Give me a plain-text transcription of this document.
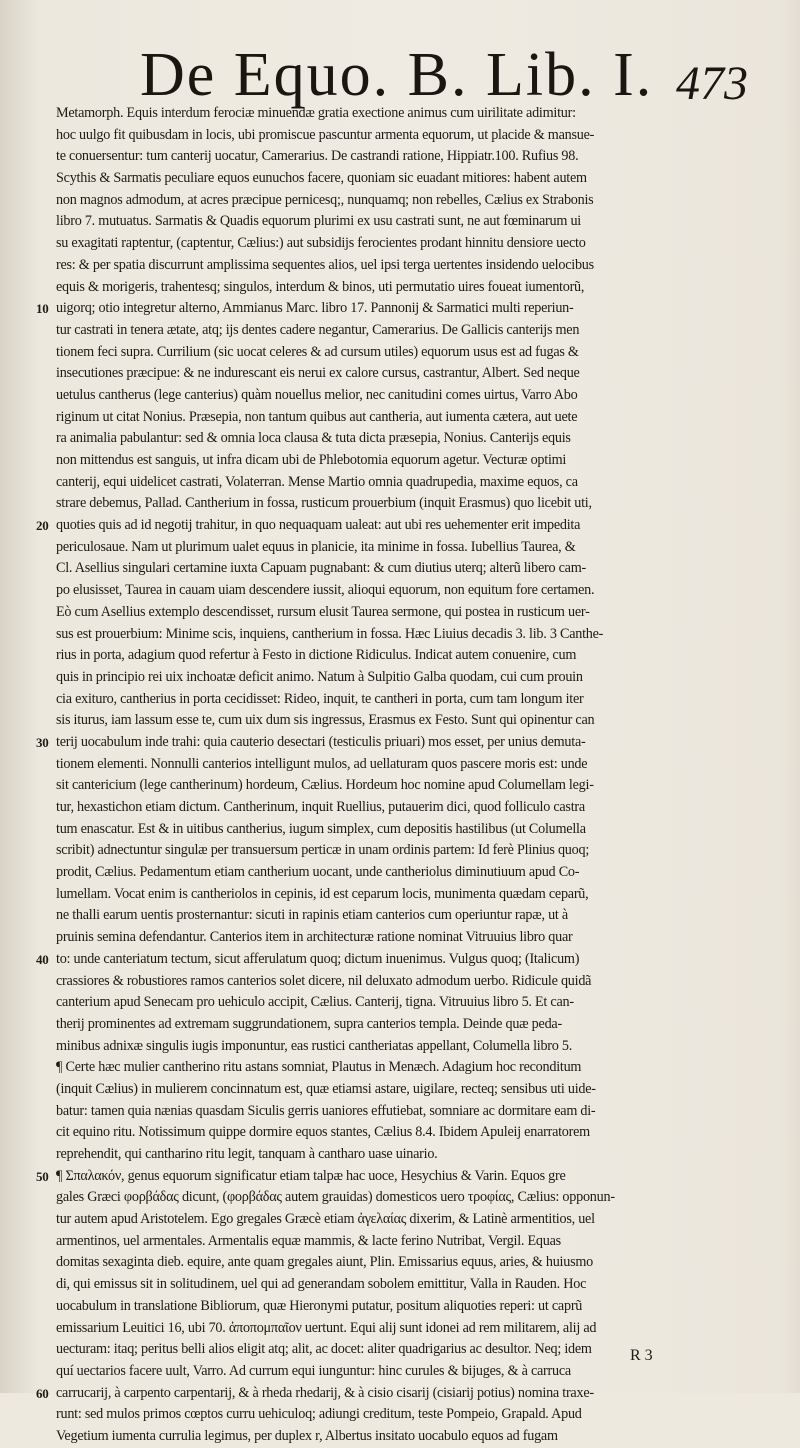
De Equo. B. Lib. I. 473
Metamorph. Equis interdum ferociæ minuendæ gratia exectione animus cum uirilitate adimitur:
hoc uulgo fit quibusdam in locis, ubi promiscue pascuntur armenta equorum, ut placide & mansue-
te conuersentur: tum canterij uocatur, Camerarius. De castrandi ratione, Hippiatr.100. Rufius 98.
Scythis & Sarmatis peculiare equos eunuchos facere, quoniam sic euadant mitiores: habent autem
non magnos admodum, at acres præcipue pernicesq;, nunquamq; non rebelles, Cælius ex Strabonis
libro 7. mutuatus. Sarmatis & Quadis equorum plurimi ex usu castrati sunt, ne aut fœminarum ui
su exagitati raptentur, (captentur, Cælius:) aut subsidijs ferocientes prodant hinnitu densiore uecto
res: & per spatia discurrunt amplissima sequentes alios, uel ipsi terga uertentes insidendo uelocibus
equis & morigeris, trahentesq; singulos, interdum & binos, uti permutatio uires foueat iumentorũ,
10 uigorq; otio integretur alterno, Ammianus Marc. libro 17. Pannonij & Sarmatici multi reperiun-
tur castrati in tenera ætate, atq; ijs dentes cadere negantur, Camerarius. De Gallicis canterijs men
tionem feci supra. Currilium (sic uocat celeres & ad cursum utiles) equorum usus est ad fugas &
insecutiones præcipue: & ne indurescant eis nerui ex calore cursus, castrantur, Albert. Sed neque
uetulus cantherus (lege canterius) quàm nouellus melior, nec canitudini comes uirtus, Varro Abo
riginum ut citat Nonius. Præsepia, non tantum quibus aut cantheria, aut iumenta cætera, aut uete
ra animalia pabulantur: sed & omnia loca clausa & tuta dicta præsepia, Nonius. Canterijs equis
non mittendus est sanguis, ut infra dicam ubi de Phlebotomia equorum agetur. Vecturæ optimi
canterij, equi uidelicet castrati, Volaterran. Mense Martio omnia quadrupedia, maxime equos, ca
strare debemus, Pallad. Cantherium in fossa, rusticum prouerbium (inquit Erasmus) quo licebit uti,
20 quoties quis ad id negotij trahitur, in quo nequaquam ualeat: aut ubi res uehementer erit impedita
periculosaue. Nam ut plurimum ualet equus in planicie, ita minime in fossa. Iubellius Taurea, &
Cl. Asellius singulari certamine iuxta Capuam pugnabant: & cum diutius uterq; alterũ libero cam-
po elusisset, Taurea in cauam uiam descendere iussit, alioqui equorum, non equitum fore certamen.
Eò cum Asellius extemplo descendisset, rursum elusit Taurea sermone, qui postea in rusticum uer-
sus est prouerbium: Minime scis, inquiens, cantherium in fossa. Hæc Liuius decadis 3. lib. 3 Canthe-
rius in porta, adagium quod refertur à Festo in dictione Ridiculus. Indicat autem conuenire, cum
quis in principio rei uix inchoatæ deficit animo. Natum à Sulpitio Galba quodam, cui cum prouin
cia exituro, cantherius in porta cecidisset: Rideo, inquit, te cantheri in porta, cum tam longum iter
sis iturus, iam lassum esse te, cum uix dum sis ingressus, Erasmus ex Festo. Sunt qui opinentur can
30 terij uocabulum inde trahi: quia cauterio desectari (testiculis priuari) mos esset, per unius demuta-
tionem elementi. Nonnulli canterios intelligunt mulos, ad uellaturam quos pascere moris est: unde
sit cantericium (lege cantherinum) hordeum, Cælius. Hordeum hoc nomine apud Columellam legi-
tur, hexastichon etiam dictum. Cantherinum, inquit Ruellius, putauerim dici, quod folliculo castra
tum enascatur. Est & in uitibus cantherius, iugum simplex, cum depositis hastilibus (ut Columella
scribit) adnectuntur singulæ per transuersum perticæ in unam ordinis partem: Id ferè Plinius quoq;
prodit, Cælius. Pedamentum etiam cantherium uocant, unde cantheriolus diminutiuum apud Co-
lumellam. Vocat enim is cantheriolos in cepinis, id est ceparum locis, munimenta quædam ceparũ,
ne thalli earum uentis prosternantur: sicuti in rapinis etiam canterios cum operiuntur rapæ, ut à
pruinis semina defendantur. Canterios item in architecturæ ratione nominat Vitruuius libro quar
40 to: unde canteriatum tectum, sicut afferulatum quoq; dictum inuenimus. Vulgus quoq; (Italicum)
crassiores & robustiores ramos canterios solet dicere, nil deluxato admodum uerbo. Ridicule quidã
canterium apud Senecam pro uehiculo accipit, Cælius. Canterij, tigna. Vitruuius libro 5. Et can-
therij prominentes ad extremam suggrundationem, supra canterios templa. Deinde quæ peda-
minibus adnixæ singulis iugis imponuntur, eas rustici cantheriatas appellant, Columella libro 5.
¶ Certe hæc mulier cantherino ritu astans somniat, Plautus in Menæch. Adagium hoc reconditum
(inquit Cælius) in mulierem concinnatum est, quæ etiamsi astare, uigilare, recteq; sensibus uti uide-
batur: tamen quia nænias quasdam Siculis gerris uaniores effutiebat, somniare ac dormitare eam di-
cit equino ritu. Notissimum quippe dormire equos stantes, Cælius 8.4. Ibidem Apuleij enarratorem
reprehendit, qui cantharino ritu legit, tanquam à cantharo uase uinario.
50 ¶ Σπαλακόν, genus equorum significatur etiam talpæ hac uoce, Hesychius & Varin. Equos gre
gales Græci φορβάδας dicunt, (φορβάδας autem grauidas) domesticos uero τροφίας, Cælius: opponun-
tur autem apud Aristotelem. Ego gregales Græcè etiam ἀγελαίας dixerim, & Latinè armentitios, uel
armentinos, uel armentales. Armentalis equæ mammis, & lacte ferino Nutribat, Vergil. Equas
domitas sexaginta dieb. equire, ante quam gregales aiunt, Plin. Emissarius equus, aries, & huiusmo
di, qui emissus sit in solitudinem, uel qui ad generandam sobolem emittitur, Valla in Rauden. Hoc
uocabulum in translatione Bibliorum, quæ Hieronymi putatur, positum aliquoties reperi: ut caprũ
emissarium Leuitici 16, ubi 70. ἀποπομπαῖον uertunt. Equi alij sunt idonei ad rem militarem, alij ad
uecturam: itaq; peritus belli alios eligit atq; alit, ac docet: aliter quadrigarius ac desultor. Neq; idem
quí uectarios facere uult, Varro. Ad currum equi iunguntur: hinc curules & bijuges, & à carruca
60 carrucarij, à carpento carpentarij, & à rheda rhedarij, & à cisio cisarij (cisiarij potius) nomina traxe-
runt: sed mulos primos cœptos curru uehiculoq; adiungi creditum, teste Pompeio, Grapald. Apud
Vegetium iumenta currulia legimus, per duplex r, Albertus insitato uocabulo equos ad fugam
R 3
